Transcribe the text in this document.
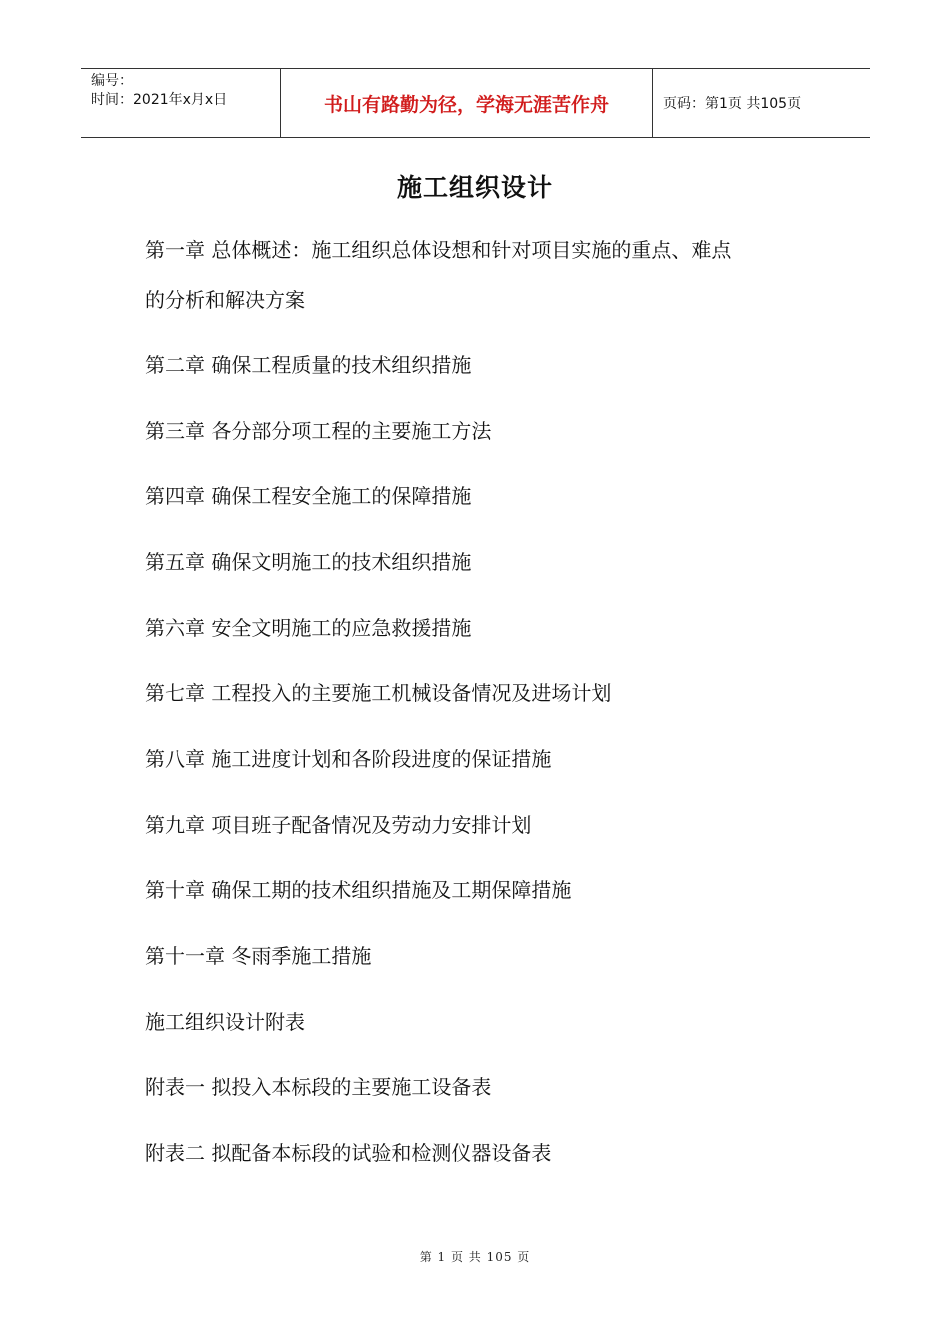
编号：
时间：2021年x月x日	书山有路勤为径，学海无涯苦作舟	页码：第1页 共105页
施工组织设计
第一章 总体概述：施工组织总体设想和针对项目实施的重点、难点
的分析和解决方案
第二章 确保工程质量的技术组织措施
第三章 各分部分项工程的主要施工方法
第四章 确保工程安全施工的保障措施
第五章 确保文明施工的技术组织措施
第六章 安全文明施工的应急救援措施
第七章 工程投入的主要施工机械设备情况及进场计划
第八章 施工进度计划和各阶段进度的保证措施
第九章 项目班子配备情况及劳动力安排计划
第十章 确保工期的技术组织措施及工期保障措施
第十一章 冬雨季施工措施
施工组织设计附表
附表一 拟投入本标段的主要施工设备表
附表二 拟配备本标段的试验和检测仪器设备表
第 1 页 共 105 页
